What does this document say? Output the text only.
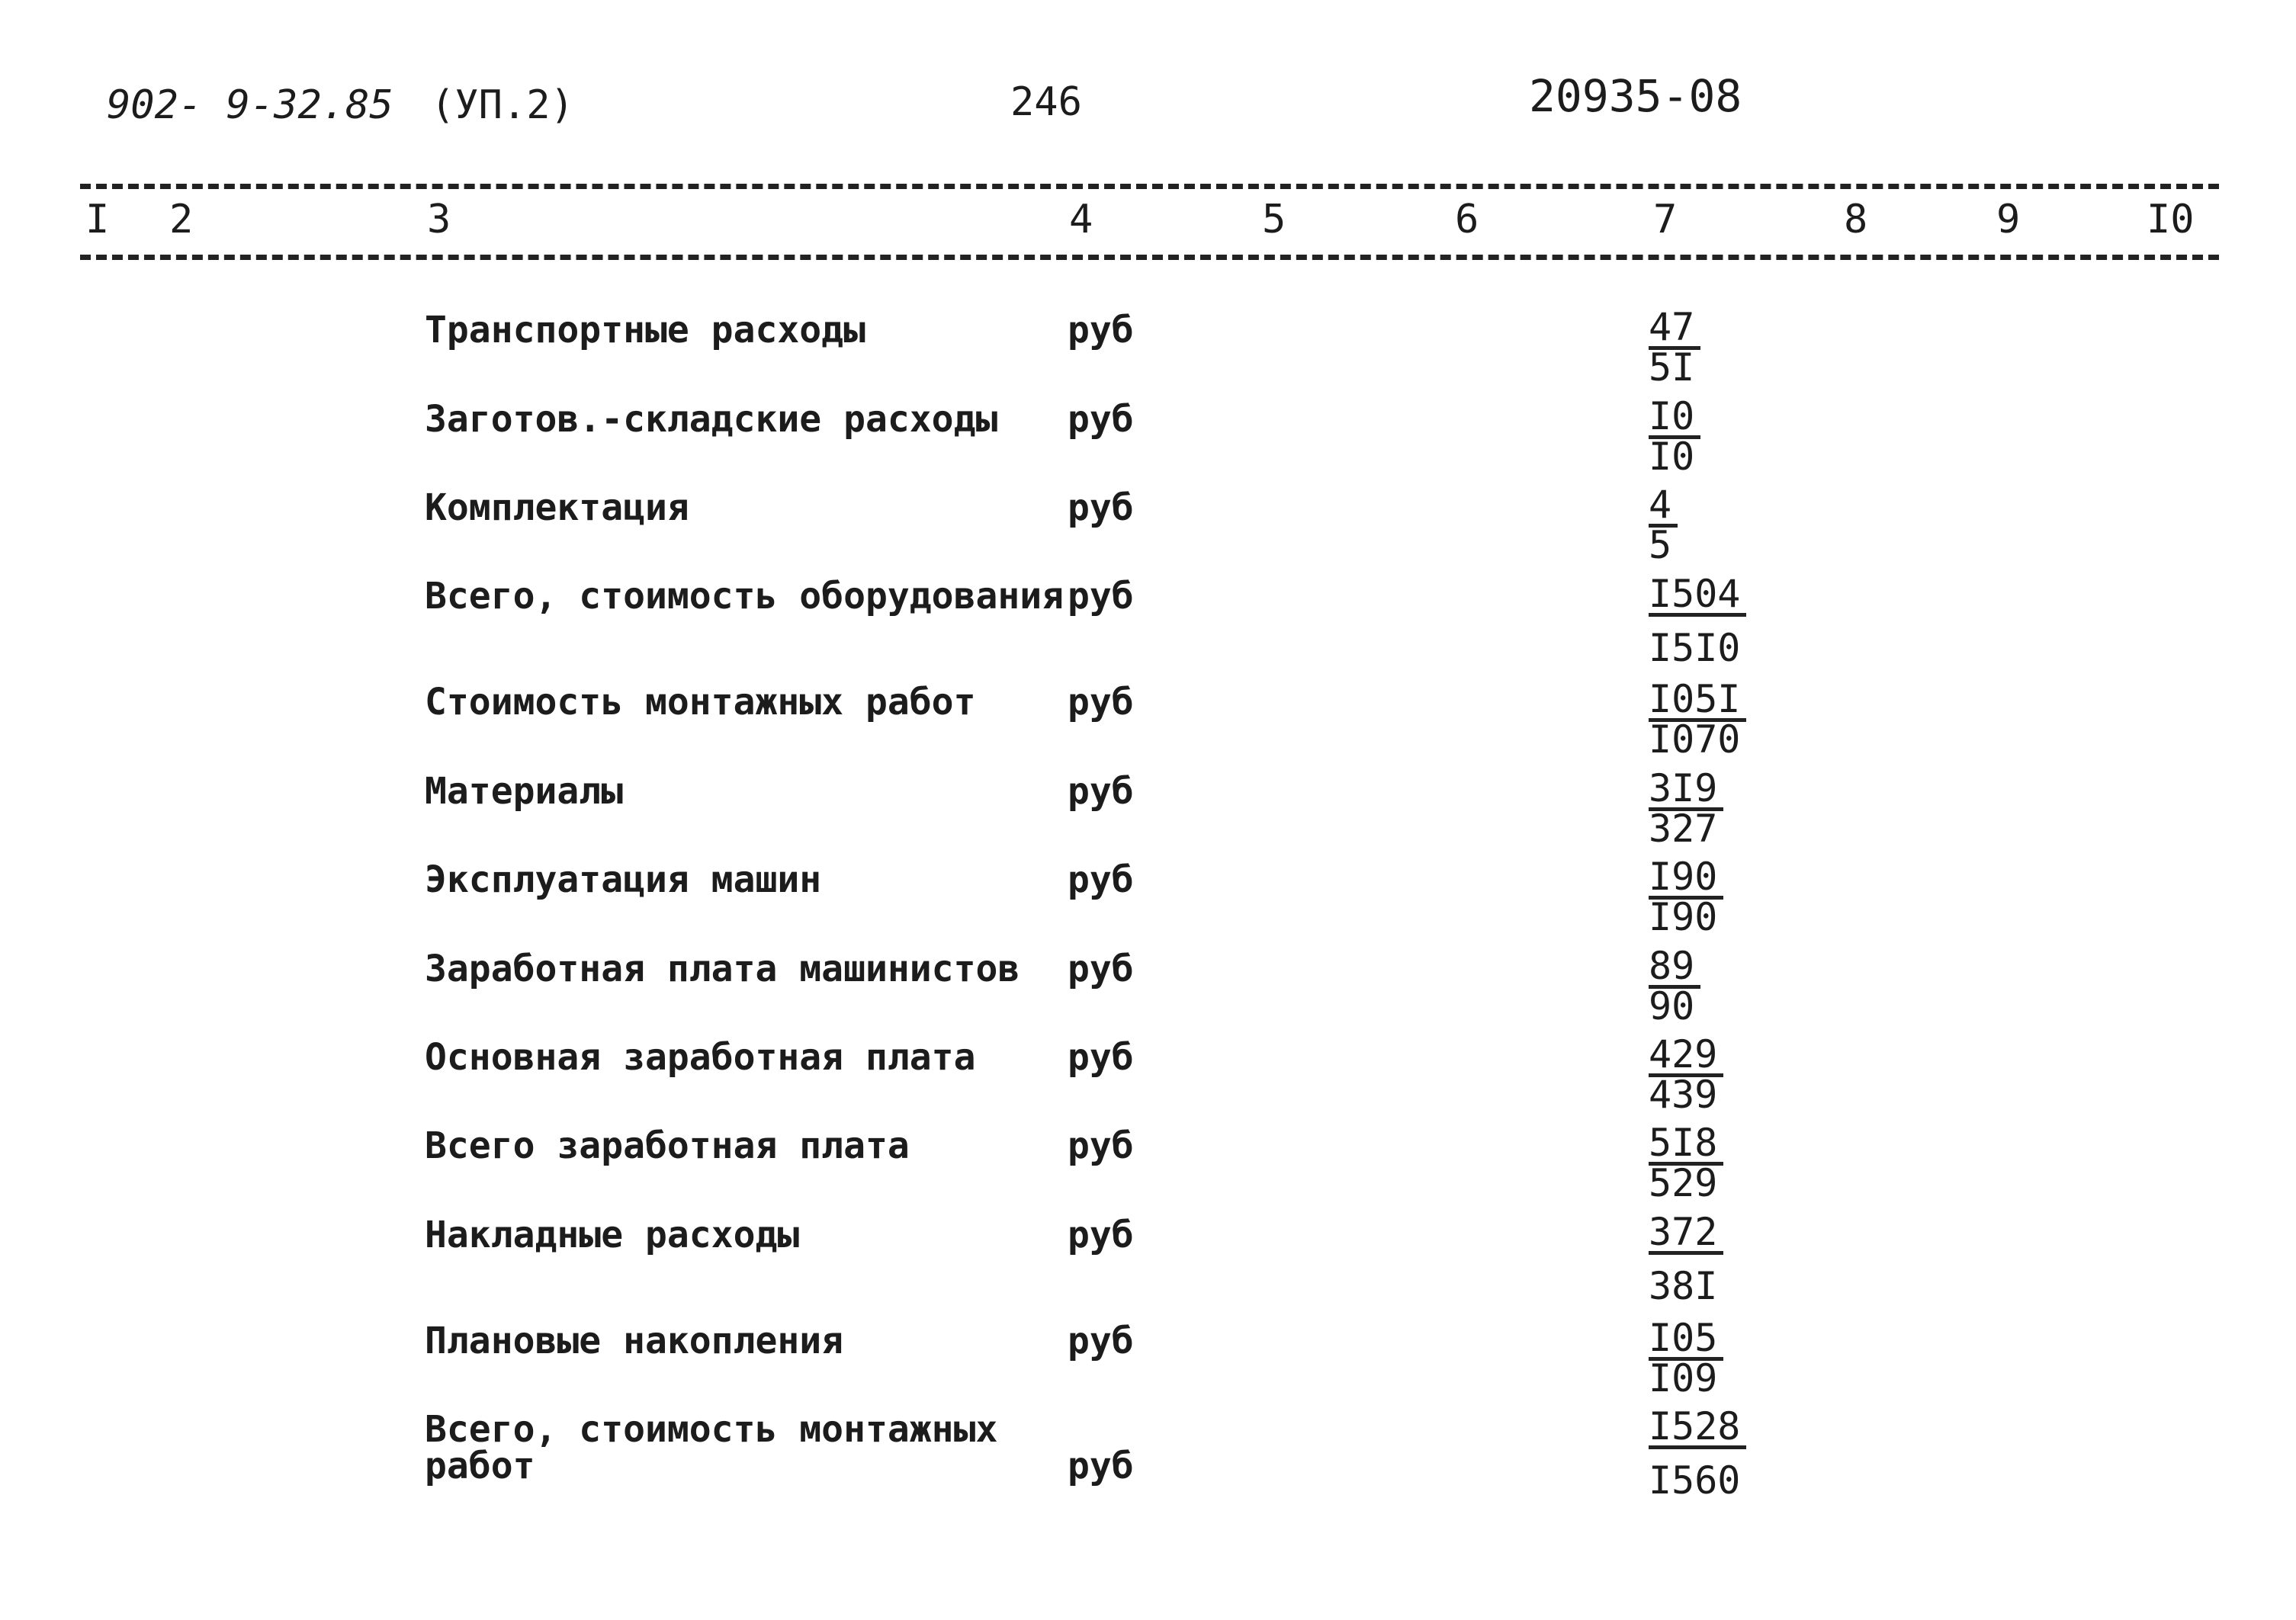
902- 9-32.85 (УП.2)	246	20935-08
I 2	3	4	5	6	7	8	9	I0
Транспортные расходы	руб	$\frac{47}{5I}$
Заготов.-складские расходы руб	$\frac{I0}{I0}$
Комплектация	руб	$\frac{4}{5}$
Всего, стоимость оборудования руб	$\frac{I504}{I5I0}$
Стоимость монтажных работ	руб	$\frac{I05I}{I070}$
Материалы	руб	$\frac{3I9}{327}$
Эксплуатация машин	руб	$\frac{I90}{I90}$
Заработная плата машинистов руб	$\frac{89}{90}$
Основная заработная плата	руб	$\frac{429}{439}$
Всего заработная плата	руб	$\frac{5I8}{529}$
Накладные расходы	руб	$\frac{372}{38I}$
Плановые накопления	руб	$\frac{I05}{I09}$
Всего, стоимость монтажных
работ	руб	$\frac{I528}{I560}$
